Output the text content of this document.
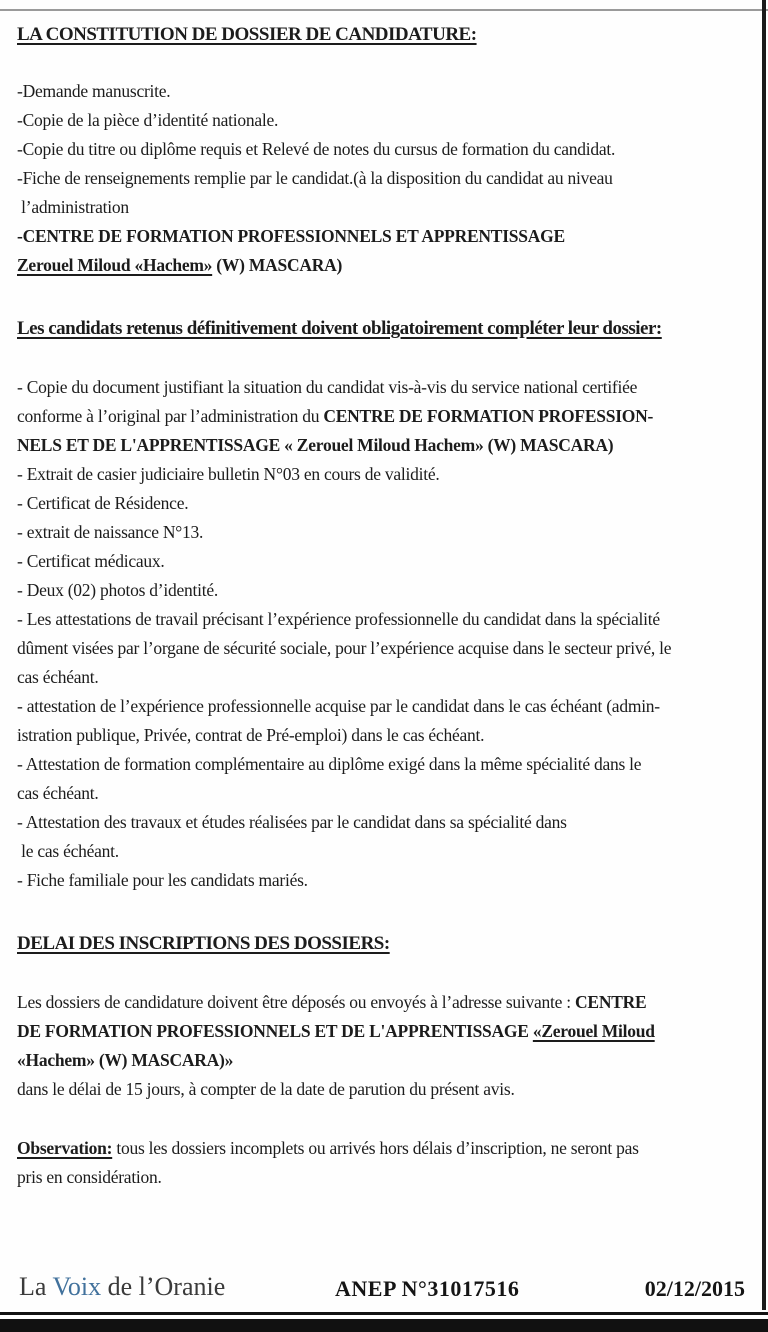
LA CONSTITUTION DE DOSSIER DE CANDIDATURE:
-Demande manuscrite.
-Copie de la pièce d’identité nationale.
-Copie du titre ou diplôme requis et Relevé de notes du cursus de formation du candidat.
-Fiche de renseignements remplie par le candidat.(à la disposition du candidat au niveau
l’administration
-CENTRE DE FORMATION PROFESSIONNELS ET APPRENTISSAGE
Zerouel Miloud «Hachem» (W) MASCARA)
Les candidats retenus définitivement doivent obligatoirement compléter leur dossier:
- Copie du document justifiant la situation du candidat vis-à-vis du service national certifiée
conforme à l’original par l’administration du CENTRE DE FORMATION PROFESSION-
NELS ET DE L'APPRENTISSAGE « Zerouel Miloud Hachem» (W) MASCARA)
- Extrait de casier judiciaire bulletin N°03 en cours de validité.
- Certificat de Résidence.
- extrait de naissance N°13.
- Certificat médicaux.
- Deux (02) photos d’identité.
- Les attestations de travail précisant l’expérience professionnelle du candidat dans la spécialité
dûment visées par l’organe de sécurité sociale, pour l’expérience acquise dans le secteur privé, le
cas échéant.
- attestation de l’expérience professionnelle acquise par le candidat dans le cas échéant (admin-
istration publique, Privée, contrat de Pré-emploi) dans le cas échéant.
- Attestation de formation complémentaire au diplôme exigé dans la même spécialité dans le
cas échéant.
- Attestation des travaux et études réalisées par le candidat dans sa spécialité dans
le cas échéant.
- Fiche familiale pour les candidats mariés.
DELAI DES INSCRIPTIONS DES DOSSIERS:
Les dossiers de candidature doivent être déposés ou envoyés à l’adresse suivante : CENTRE
DE FORMATION PROFESSIONNELS ET DE L'APPRENTISSAGE «Zerouel Miloud
«Hachem» (W) MASCARA)»
dans le délai de 15 jours, à compter de la date de parution du présent avis.
Observation: tous les dossiers incomplets ou arrivés hors délais d’inscription, ne seront pas
pris en considération.
La Voix de l’Oranie	ANEP N°31017516	02/12/2015
